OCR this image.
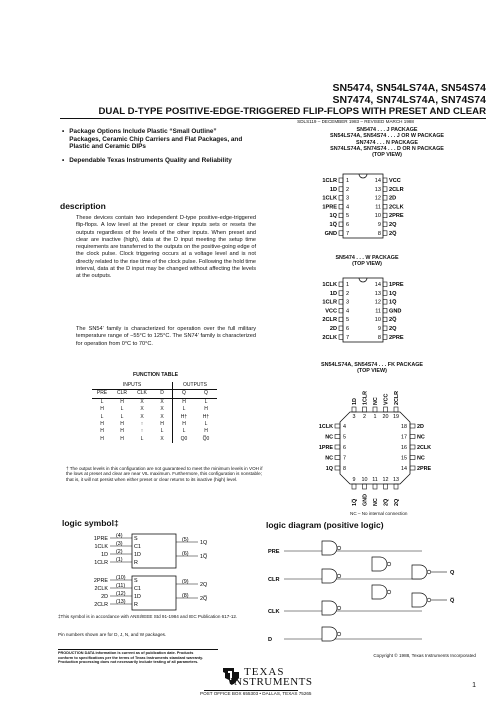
SN5474, SN54LS74A, SN54S74
SN7474, SN74LS74A, SN74S74
DUAL D-TYPE POSITIVE-EDGE-TRIGGERED FLIP-FLOPS WITH PRESET AND CLEAR
SDLS119 – DECEMBER 1983 – REVISED MARCH 1988
• Package Options Include Plastic “Small Outline” Packages, Ceramic Chip Carriers and Flat Packages, and Plastic and Ceramic DIPs
• Dependable Texas Instruments Quality and Reliability
description
These devices contain two independent D-type positive-edge-triggered flip-flops. A low level at the preset or clear inputs sets or resets the outputs regardless of the levels of the other inputs. When preset and clear are inactive (high), data at the D input meeting the setup time requirements are transferred to the outputs on the positive-going edge of the clock pulse. Clock triggering occurs at a voltage level and is not directly related to the rise time of the clock pulse. Following the hold time interval, data at the D input may be changed without affecting the levels at the outputs.
The SN54' family is characterized for operation over the full military temperature range of −55°C to 125°C. The SN74' family is characterized for operation from 0°C to 70°C.
FUNCTION TABLE
INPUTS				OUTPUTS	
PRE	CLR	CLK	D	Q	Q̅
L	H	X	X	H	L
H	L	X	X	L	H
L	L	X	X	H†	H†
H	H	↑	H	H	L
H	H	↑	L	L	H
H	H	L	X	Q0	Q̅0
† The output levels in this configuration are not guaranteed to meet the minimum levels in VOH if the lows at preset and clear are near VIL maximum. Furthermore, this configuration is nonstable; that is, it will not persist when either preset or clear returns to its inactive (high) level.
SN5474 . . . J PACKAGE
SN54LS74A, SN54S74 . . . J OR W PACKAGE
SN7474 . . . N PACKAGE
SN74LS74A, SN74S74 . . . D OR N PACKAGE
(TOP VIEW)
1CLR 1	14 VCC
1D 2	13 2CLR
1CLK 3	12 2D
1PRE 4	11 2CLK
1Q 5	10 2PRE
1Q̅ 6	9 2Q
GND 7	8 2Q̅
SN5474 . . . W PACKAGE
(TOP VIEW)
1CLK 1	14 1PRE
1D 2	13 1Q
1CLR 3	12 1Q̅
VCC 4	11 GND
2CLR 5	10 2Q̅
2D 6	9 2Q
2CLK 7	8 2PRE
SN54LS74A, SN54S74 . . . FK PACKAGE
(TOP VIEW)
1D
3
9
1Q̅
1CLR
2
10
GND
NC
1
11
NC
VCC
20
12
2Q̅
2CLR
19
13
2Q
1CLK 4	18 2D
NC 5	17 NC
1PRE 6	16 2CLK
NC 7	15 NC
1Q 8	14 2PRE
NC – No internal connection
logic symbol‡
1PRE (4) S
1CLK (3) C1
1D (2) 1D
1CLR (1) R
(5) 1Q
(6) 1Q̅
2PRE (10) S
2CLK (11) C1
2D (12) 1D
2CLR (13) R
(9) 2Q
(8) 2Q̅
‡This symbol is in accordance with ANSI/IEEE Std 91-1984 and IEC Publication 617-12.
Pin numbers shown are for D, J, N, and W packages.
logic diagram (positive logic)
PRE
CLR
CLK
D
Q
Q̅
PRODUCTION DATA information is current as of publication date. Products conform to specifications per the terms of Texas Instruments standard warranty. Production processing does not necessarily include testing of all parameters.
Copyright © 1988, Texas Instruments Incorporated
TEXAS
INSTRUMENTS
POST OFFICE BOX 655303 • DALLAS, TEXAS 75265
1
